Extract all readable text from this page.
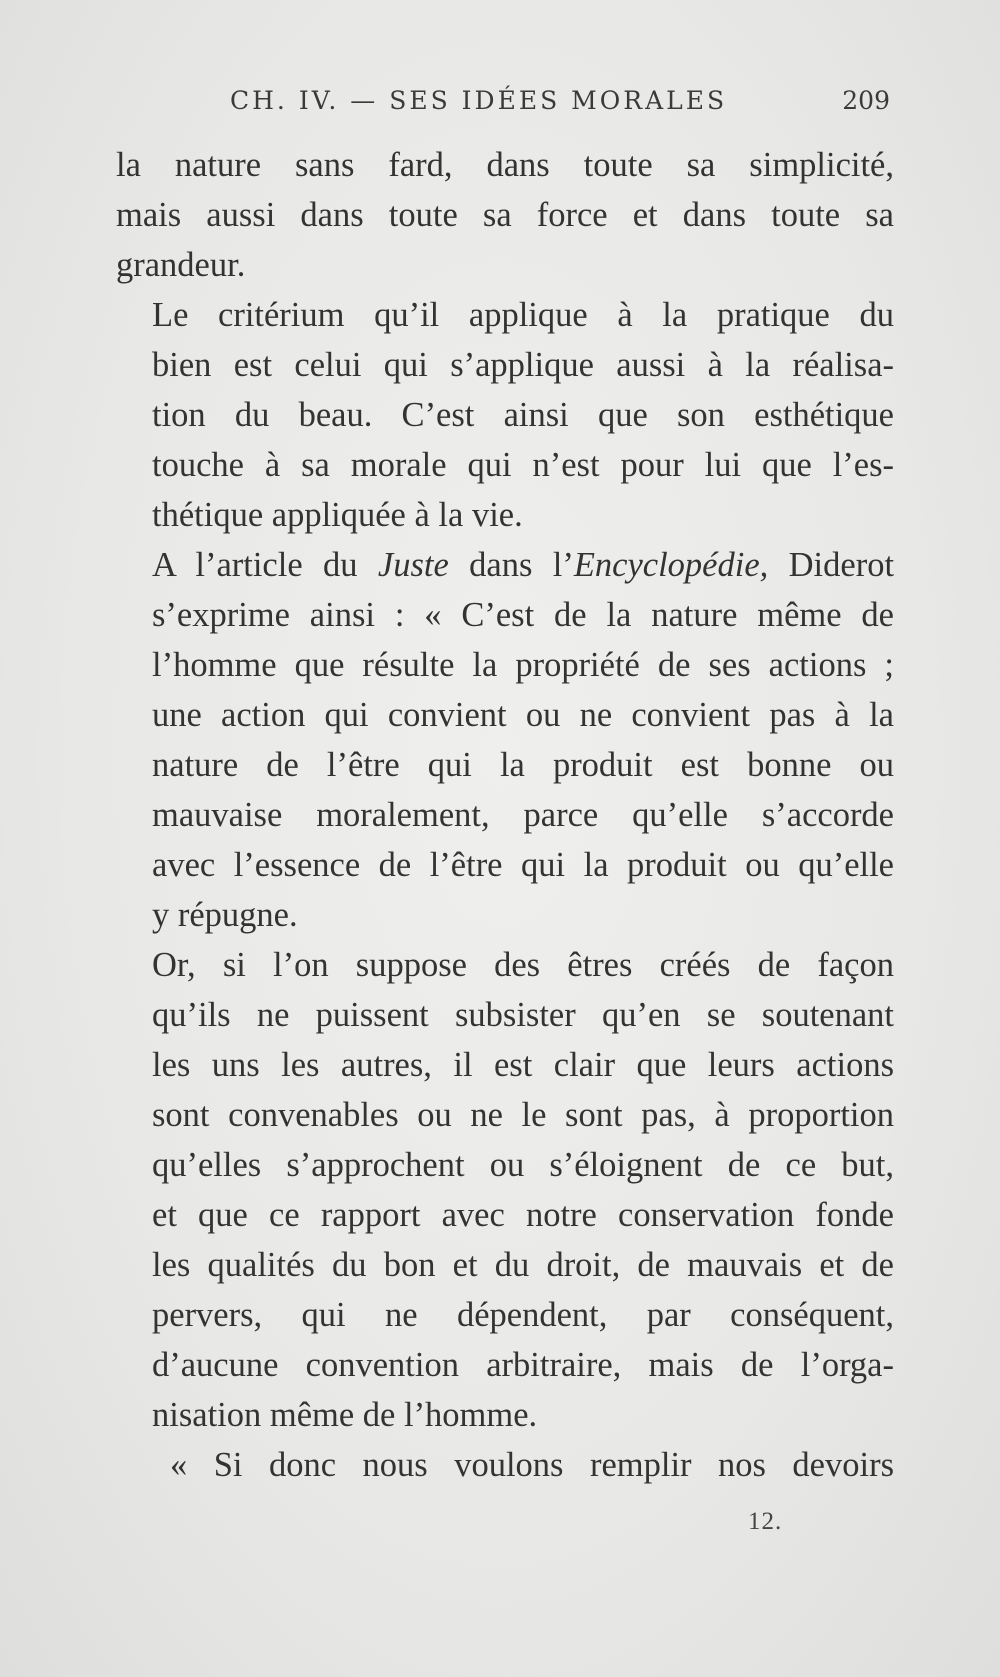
CH. IV. — SES IDÉES MORALES	209

la nature sans fard, dans toute sa simplicité,
mais aussi dans toute sa force et dans toute sa
grandeur.

Le critérium qu’il applique à la pratique du
bien est celui qui s’applique aussi à la réalisa-
tion du beau. C’est ainsi que son esthétique
touche à sa morale qui n’est pour lui que l’es-
thétique appliquée à la vie.

A l’article du Juste dans l’Encyclopédie, Diderot
s’exprime ainsi : « C’est de la nature même de
l’homme que résulte la propriété de ses actions ;
une action qui convient ou ne convient pas à la
nature de l’être qui la produit est bonne ou
mauvaise moralement, parce qu’elle s’accorde
avec l’essence de l’être qui la produit ou qu’elle
y répugne.

Or, si l’on suppose des êtres créés de façon
qu’ils ne puissent subsister qu’en se soutenant
les uns les autres, il est clair que leurs actions
sont convenables ou ne le sont pas, à proportion
qu’elles s’approchent ou s’éloignent de ce but,
et que ce rapport avec notre conservation fonde
les qualités du bon et du droit, de mauvais et de
pervers, qui ne dépendent, par conséquent,
d’aucune convention arbitraire, mais de l’orga-
nisation même de l’homme.

« Si donc nous voulons remplir nos devoirs

12.
